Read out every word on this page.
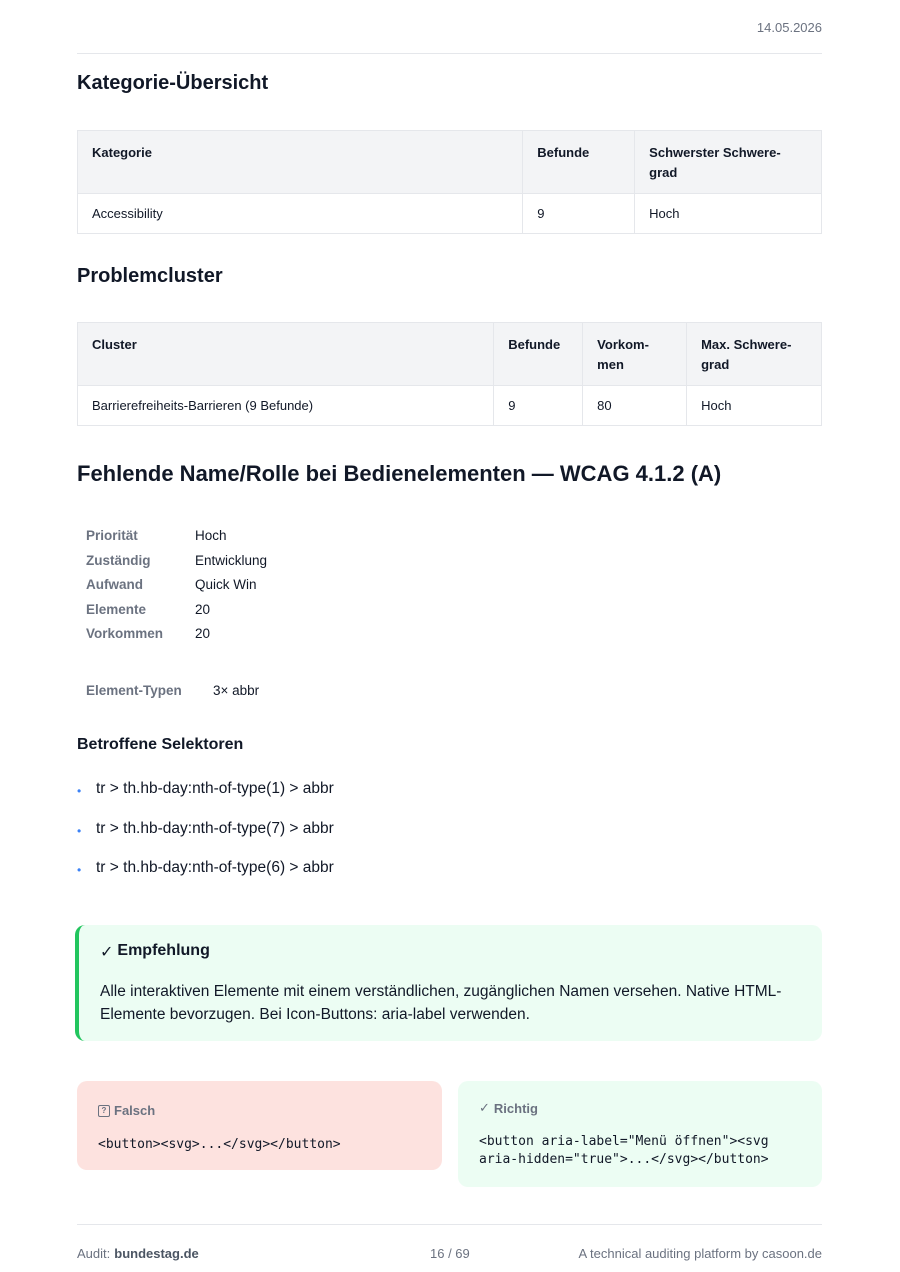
14.05.2026
Kategorie-Übersicht
Kategorie	Befunde	Schwerster Schwere-grad
Accessibility	9	Hoch
Problemcluster
Cluster	Befunde	Vorkom-men	Max. Schwere-grad
Barrierefreiheits-Barrieren (9 Befunde)	9	80	Hoch
Fehlende Name/Rolle bei Bedienelementen — WCAG 4.1.2 (A)
Priorität	Hoch
Zuständig	Entwicklung
Aufwand	Quick Win
Elemente	20
Vorkommen	20
Element-Typen	3× abbr
Betroffene Selektoren
• tr > th.hb-day:nth-of-type(1) > abbr
• tr > th.hb-day:nth-of-type(7) > abbr
• tr > th.hb-day:nth-of-type(6) > abbr
✓ Empfehlung
Alle interaktiven Elemente mit einem verständlichen, zugänglichen Namen versehen. Native HTML-Elemente bevorzugen. Bei Icon-Buttons: aria-label verwenden.
? Falsch
<button><svg>...</svg></button>
✓ Richtig
<button aria-label="Menü öffnen"><svg aria-hidden="true">...</svg></button>
Audit: bundestag.de	16 / 69	A technical auditing platform by casoon.de
